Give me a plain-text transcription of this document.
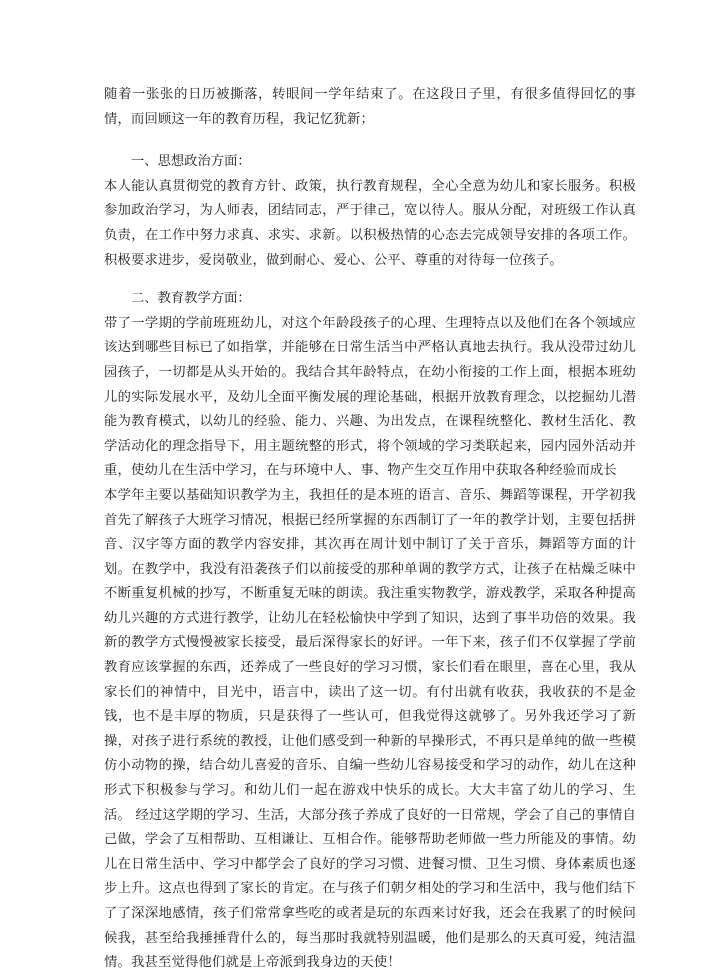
随着一张张的日历被撕落，转眼间一学年结束了。在这段日子里，有很多值得回忆的事情，而回顾这一年的教育历程，我记忆犹新；

一、思想政治方面：

本人能认真贯彻党的教育方针、政策，执行教育规程，全心全意为幼儿和家长服务。积极参加政治学习，为人师表，团结同志，严于律己，宽以待人。服从分配，对班级工作认真负责，在工作中努力求真、求实、求新。以积极热情的心态去完成领导安排的各项工作。积极要求进步，爱岗敬业，做到耐心、爱心、公平、尊重的对待每一位孩子。

二、教育教学方面：

带了一学期的学前班班幼儿，对这个年龄段孩子的心理、生理特点以及他们在各个领域应该达到哪些目标已了如指掌，并能够在日常生活当中严格认真地去执行。我从没带过幼儿园孩子，一切都是从头开始的。我结合其年龄特点，在幼小衔接的工作上面，根据本班幼儿的实际发展水平，及幼儿全面平衡发展的理论基础，根据开放教育理念，以挖掘幼儿潜能为教育模式，以幼儿的经验、能力、兴趣、为出发点，在课程统整化、教材生活化、教学活动化的理念指导下，用主题统整的形式，将个领域的学习类联起来，园内园外活动并重，使幼儿在生活中学习，在与环境中人、事、物产生交互作用中获取各种经验而成长

本学年主要以基础知识教学为主，我担任的是本班的语言、音乐、舞蹈等课程，开学初我首先了解孩子大班学习情况，根据已经所掌握的东西制订了一年的教学计划，主要包括拼音、汉字等方面的教学内容安排，其次再在周计划中制订了关于音乐，舞蹈等方面的计划。在教学中，我没有沿袭孩子们以前接受的那种单调的教学方式，让孩子在枯燥乏味中不断重复机械的抄写，不断重复无味的朗读。我注重实物教学，游戏教学，采取各种提高幼儿兴趣的方式进行教学，让幼儿在轻松愉快中学到了知识，达到了事半功倍的效果。我新的教学方式慢慢被家长接受，最后深得家长的好评。一年下来，孩子们不仅掌握了学前教育应该掌握的东西，还养成了一些良好的学习习惯，家长们看在眼里，喜在心里，我从家长们的神情中，目光中，语言中，读出了这一切。有付出就有收获，我收获的不是金钱，也不是丰厚的物质，只是获得了一些认可，但我觉得这就够了。另外我还学习了新操，对孩子进行系统的教授，让他们感受到一种新的早操形式，不再只是单纯的做一些模仿小动物的操，结合幼儿喜爱的音乐、自编一些幼儿容易接受和学习的动作，幼儿在这种形式下积极参与学习。和幼儿们一起在游戏中快乐的成长。大大丰富了幼儿的学习、生活。 经过这学期的学习、生活，大部分孩子养成了良好的一日常规，学会了自己的事情自己做，学会了互相帮助、互相谦让、互相合作。能够帮助老师做一些力所能及的事情。幼儿在日常生活中、学习中都学会了良好的学习习惯、进餐习惯、卫生习惯、身体素质也逐步上升。这点也得到了家长的肯定。在与孩子们朝夕相处的学习和生活中，我与他们结下了了深深地感情，孩子们常常拿些吃的或者是玩的东西来讨好我，还会在我累了的时候问候我，甚至给我捶捶背什么的，每当那时我就特别温暖，他们是那么的天真可爱，纯洁温情。我甚至觉得他们就是上帝派到我身边的天使！
